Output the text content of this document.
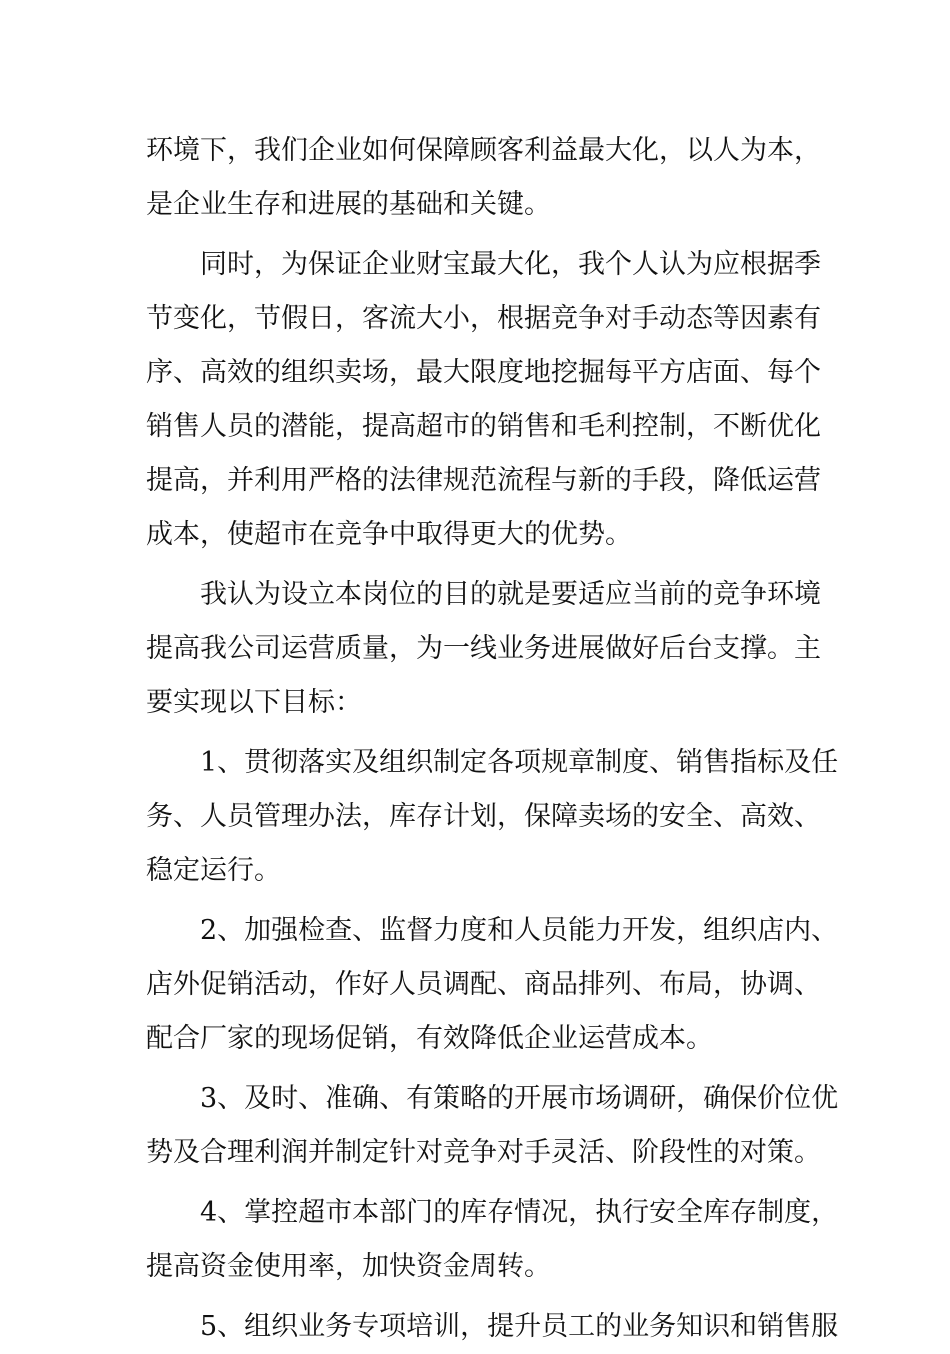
环境下，我们企业如何保障顾客利益最大化，以人为本，
是企业生存和进展的基础和关键。
同时，为保证企业财宝最大化，我个人认为应根据季
节变化，节假日，客流大小，根据竞争对手动态等因素有
序、高效的组织卖场，最大限度地挖掘每平方店面、每个
销售人员的潜能，提高超市的销售和毛利控制，不断优化
提高，并利用严格的法律规范流程与新的手段，降低运营
成本，使超市在竞争中取得更大的优势。
我认为设立本岗位的目的就是要适应当前的竞争环境
提高我公司运营质量，为一线业务进展做好后台支撑。主
要实现以下目标：
1、贯彻落实及组织制定各项规章制度、销售指标及任
务、人员管理办法，库存计划，保障卖场的安全、高效、
稳定运行。
2、加强检查、监督力度和人员能力开发，组织店内、
店外促销活动，作好人员调配、商品排列、布局，协调、
配合厂家的现场促销，有效降低企业运营成本。
3、及时、准确、有策略的开展市场调研，确保价位优
势及合理利润并制定针对竞争对手灵活、阶段性的对策。
4、掌控超市本部门的库存情况，执行安全库存制度，
提高资金使用率，加快资金周转。
5、组织业务专项培训，提升员工的业务知识和销售服
